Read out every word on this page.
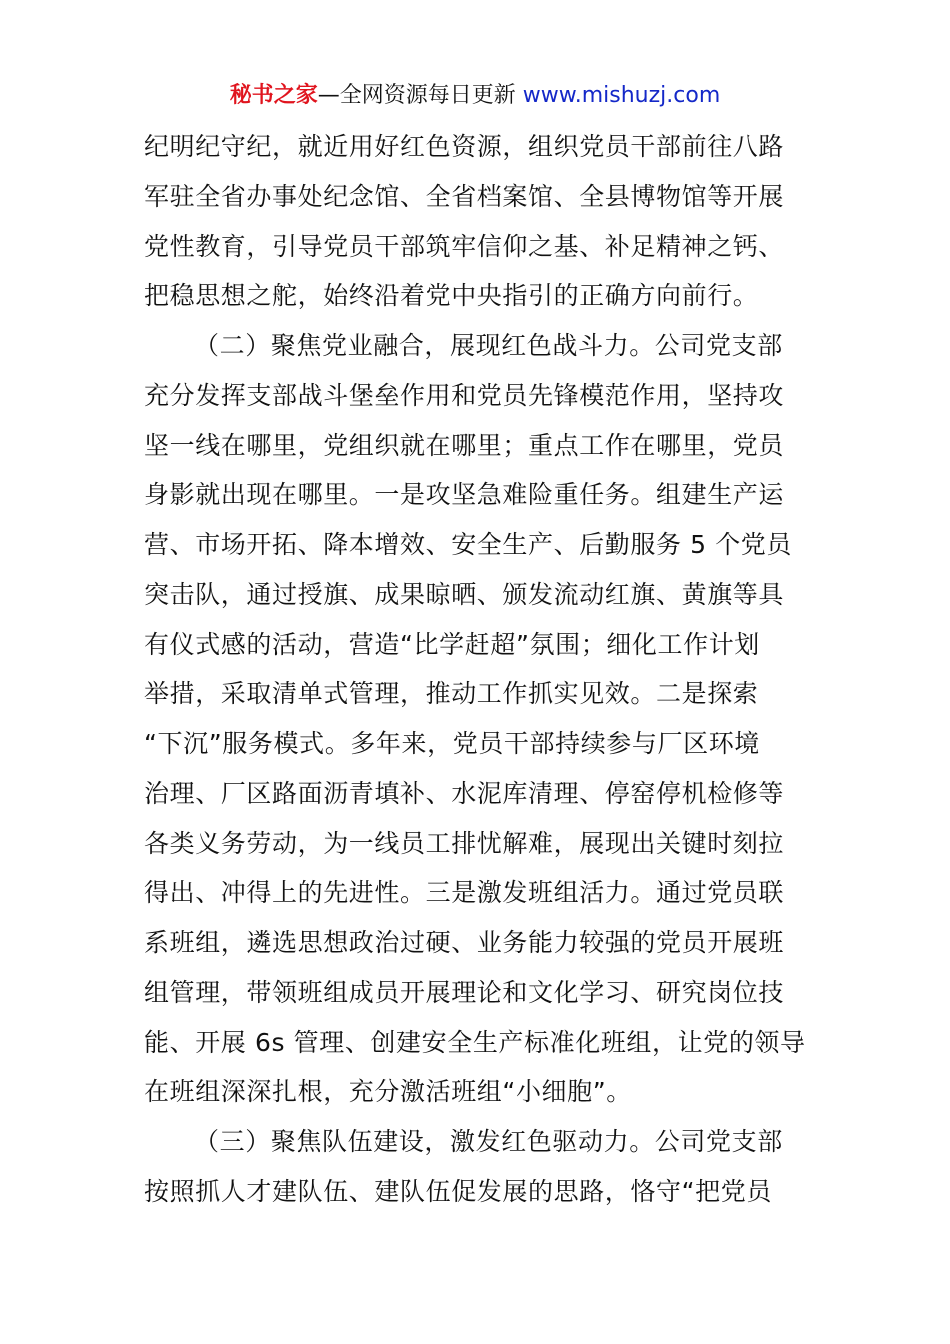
秘书之家—全网资源每日更新 www.mishuzj.com
纪明纪守纪，就近用好红色资源，组织党员干部前往八路
军驻全省办事处纪念馆、全省档案馆、全县博物馆等开展
党性教育，引导党员干部筑牢信仰之基、补足精神之钙、
把稳思想之舵，始终沿着党中央指引的正确方向前行。
（二）聚焦党业融合，展现红色战斗力。公司党支部
充分发挥支部战斗堡垒作用和党员先锋模范作用，坚持攻
坚一线在哪里，党组织就在哪里；重点工作在哪里，党员
身影就出现在哪里。一是攻坚急难险重任务。组建生产运
营、市场开拓、降本增效、安全生产、后勤服务 5 个党员
突击队，通过授旗、成果晾晒、颁发流动红旗、黄旗等具
有仪式感的活动，营造“比学赶超”氛围；细化工作计划
举措，采取清单式管理，推动工作抓实见效。二是探索
“下沉”服务模式。多年来，党员干部持续参与厂区环境
治理、厂区路面沥青填补、水泥库清理、停窑停机检修等
各类义务劳动，为一线员工排忧解难，展现出关键时刻拉
得出、冲得上的先进性。三是激发班组活力。通过党员联
系班组，遴选思想政治过硬、业务能力较强的党员开展班
组管理，带领班组成员开展理论和文化学习、研究岗位技
能、开展 6s 管理、创建安全生产标准化班组，让党的领导
在班组深深扎根，充分激活班组“小细胞”。
（三）聚焦队伍建设，激发红色驱动力。公司党支部
按照抓人才建队伍、建队伍促发展的思路，恪守“把党员
